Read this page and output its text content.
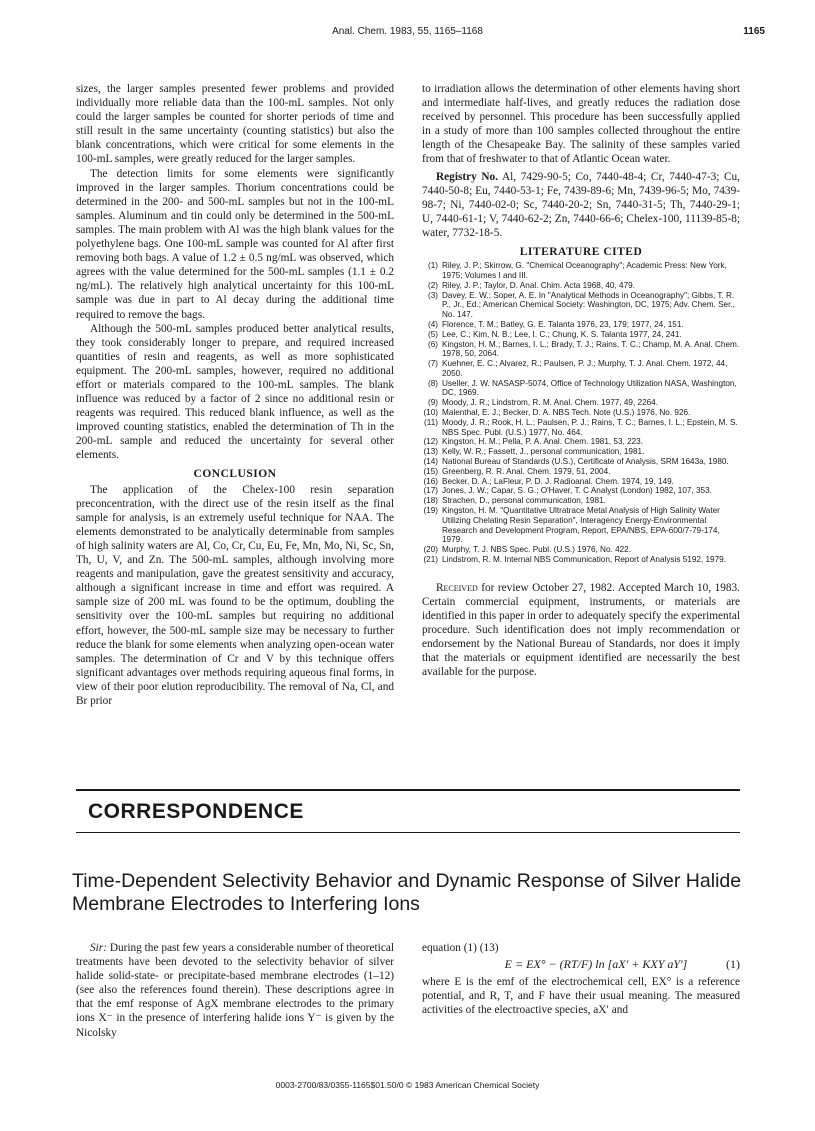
Anal. Chem. 1983, 55, 1165–1168	1165

sizes, the larger samples presented fewer problems and provided individually more reliable data than the 100-mL samples. Not only could the larger samples be counted for shorter periods of time and still result in the same uncertainty (counting statistics) but also the blank concentrations, which were critical for some elements in the 100-mL samples, were greatly reduced for the larger samples.

The detection limits for some elements were significantly improved in the larger samples. Thorium concentrations could be determined in the 200- and 500-mL samples but not in the 100-mL samples. Aluminum and tin could only be determined in the 500-mL samples. The main problem with Al was the high blank values for the polyethylene bags. One 100-mL sample was counted for Al after first removing both bags. A value of 1.2 ± 0.5 ng/mL was observed, which agrees with the value determined for the 500-mL samples (1.1 ± 0.2 ng/mL). The relatively high analytical uncertainty for this 100-mL sample was due in part to Al decay during the additional time required to remove the bags.

Although the 500-mL samples produced better analytical results, they took considerably longer to prepare, and required increased quantities of resin and reagents, as well as more sophisticated equipment. The 200-mL samples, however, required no additional effort or materials compared to the 100-mL samples. The blank influence was reduced by a factor of 2 since no additional resin or reagents was required. This reduced blank influence, as well as the improved counting statistics, enabled the determination of Th in the 200-mL sample and reduced the uncertainty for several other elements.

CONCLUSION

The application of the Chelex-100 resin separation preconcentration, with the direct use of the resin itself as the final sample for analysis, is an extremely useful technique for NAA. The elements demonstrated to be analytically determinable from samples of high salinity waters are Al, Co, Cr, Cu, Eu, Fe, Mn, Mo, Ni, Sc, Sn, Th, U, V, and Zn. The 500-mL samples, although involving more reagents and manipulation, gave the greatest sensitivity and accuracy, although a significant increase in time and effort was required. A sample size of 200 mL was found to be the optimum, doubling the sensitivity over the 100-mL samples but requiring no additional effort, however, the 500-mL sample size may be necessary to further reduce the blank for some elements when analyzing open-ocean water samples. The determination of Cr and V by this technique offers significant advantages over methods requiring aqueous final forms, in view of their poor elution reproducibility. The removal of Na, Cl, and Br prior

to irradiation allows the determination of other elements having short and intermediate half-lives, and greatly reduces the radiation dose received by personnel. This procedure has been successfully applied in a study of more than 100 samples collected throughout the entire length of the Chesapeake Bay. The salinity of these samples varied from that of freshwater to that of Atlantic Ocean water.

Registry No. Al, 7429-90-5; Co, 7440-48-4; Cr, 7440-47-3; Cu, 7440-50-8; Eu, 7440-53-1; Fe, 7439-89-6; Mn, 7439-96-5; Mo, 7439-98-7; Ni, 7440-02-0; Sc, 7440-20-2; Sn, 7440-31-5; Th, 7440-29-1; U, 7440-61-1; V, 7440-62-2; Zn, 7440-66-6; Chelex-100, 11139-85-8; water, 7732-18-5.

LITERATURE CITED
(1) Riley, J. P.; Skirrow, G. "Chemical Oceanography"; Academic Press: New York, 1975; Volumes I and III.
(2) Riley, J. P.; Taylor, D. Anal. Chim. Acta 1968, 40, 479.
(3) Davey, E. W.; Soper, A. E. In "Analytical Methods in Oceanography"; Gibbs, T. R. P., Jr., Ed.; American Chemical Society: Washington, DC, 1975; Adv. Chem. Ser., No. 147.
(4) Florence, T. M.; Batley, G. E. Talanta 1976, 23, 179; 1977, 24, 151.
(5) Lee, C.; Kim, N. B.; Lee, I. C.; Chung, K. S. Talanta 1977, 24, 241.
(6) Kingston, H. M.; Barnes, I. L.; Brady, T. J.; Rains, T. C.; Champ, M. A. Anal. Chem. 1978, 50, 2064.
(7) Kuehner, E. C.; Alvarez, R.; Paulsen, P. J.; Murphy, T. J. Anal. Chem. 1972, 44, 2050.
(8) Useller, J. W. NASASP-5074, Office of Technology Utilization NASA, Washington, DC, 1969.
(9) Moody, J. R.; Lindstrom, R. M. Anal. Chem. 1977, 49, 2264.
(10) Malenthal, E. J.; Becker, D. A. NBS Tech. Note (U.S.) 1976, No. 926.
(11) Moody, J. R.; Rook, H. L.; Paulsen, P. J.; Rains, T. C.; Barnes, I. L.; Epstein, M. S. NBS Spec. Publ. (U.S.) 1977, No. 464.
(12) Kingston, H. M.; Pella, P. A. Anal. Chem. 1981, 53, 223.
(13) Kelly, W. R.; Fassett, J., personal communication, 1981.
(14) National Bureau of Standards (U.S.), Certificate of Analysis, SRM 1643a, 1980.
(15) Greenberg, R. R. Anal. Chem. 1979, 51, 2004.
(16) Becker, D. A.; LaFleur, P. D. J. Radioanal. Chem. 1974, 19, 149.
(17) Jones, J. W.; Capar, S. G.; O'Haver, T. C Analyst (London) 1982, 107, 353.
(18) Strachen, D., personal communication, 1981.
(19) Kingston, H. M. "Quantitative Ultratrace Metal Analysis of High Salinity Water Utilizing Chelating Resin Separation", Interagency Energy-Environmental Research and Development Program, Report, EPA/NBS, EPA-600/7-79-174, 1979.
(20) Murphy, T. J. NBS Spec. Publ. (U.S.) 1976, No. 422.
(21) Lindstrom, R. M. Internal NBS Communication, Report of Analysis 5192, 1979.

Received for review October 27, 1982. Accepted March 10, 1983. Certain commercial equipment, instruments, or materials are identified in this paper in order to adequately specify the experimental procedure. Such identification does not imply recommendation or endorsement by the National Bureau of Standards, nor does it imply that the materials or equipment identified are necessarily the best available for the purpose.

CORRESPONDENCE
Time-Dependent Selectivity Behavior and Dynamic Response of Silver Halide Membrane Electrodes to Interfering Ions

Sir: During the past few years a considerable number of theoretical treatments have been devoted to the selectivity behavior of silver halide solid-state- or precipitate-based membrane electrodes (1–12) (see also the references found therein). These descriptions agree in that the emf response of AgX membrane electrodes to the primary ions X⁻ in the presence of interfering halide ions Y⁻ is given by the Nicolsky

equation (1) (13)

E = EX° − (RT/F) ln [aX′ + KXY aY′]	(1)

where E is the emf of the electrochemical cell, EX° is a reference potential, and R, T, and F have their usual meaning. The measured activities of the electroactive species, aX′ and

0003-2700/83/0355-1165$01.50/0 © 1983 American Chemical Society
